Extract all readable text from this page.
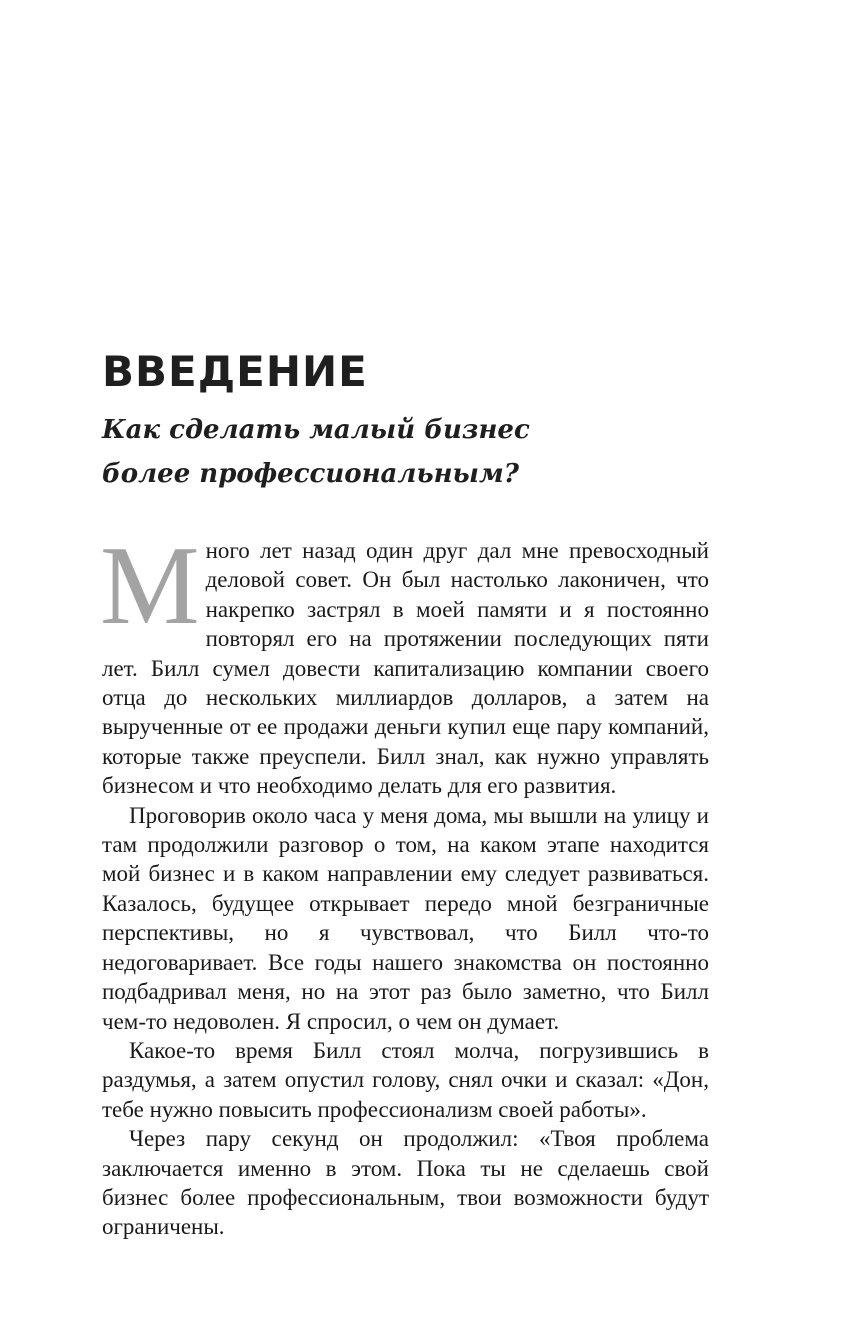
ВВЕДЕНИЕ
Как сделать малый бизнес
более профессиональным?

Много лет назад один друг дал мне превосходный деловой совет. Он был настолько лаконичен, что накрепко застрял в моей памяти и я постоянно повторял его на протяжении последующих пяти лет. Билл сумел довести капитализацию компании своего отца до нескольких миллиардов долларов, а затем на вырученные от ее продажи деньги купил еще пару компаний, которые также преуспели. Билл знал, как нужно управлять бизнесом и что необходимо делать для его развития.

Проговорив около часа у меня дома, мы вышли на улицу и там продолжили разговор о том, на каком этапе находится мой бизнес и в каком направлении ему следует развиваться. Казалось, будущее открывает передо мной безграничные перспективы, но я чувствовал, что Билл что-то недоговаривает. Все годы нашего знакомства он постоянно подбадривал меня, но на этот раз было заметно, что Билл чем-то недоволен. Я спросил, о чем он думает.

Какое-то время Билл стоял молча, погрузившись в раздумья, а затем опустил голову, снял очки и сказал: «Дон, тебе нужно повысить профессионализм своей работы».

Через пару секунд он продолжил: «Твоя проблема заключается именно в этом. Пока ты не сделаешь свой бизнес более профессиональным, твои возможности будут ограничены.
